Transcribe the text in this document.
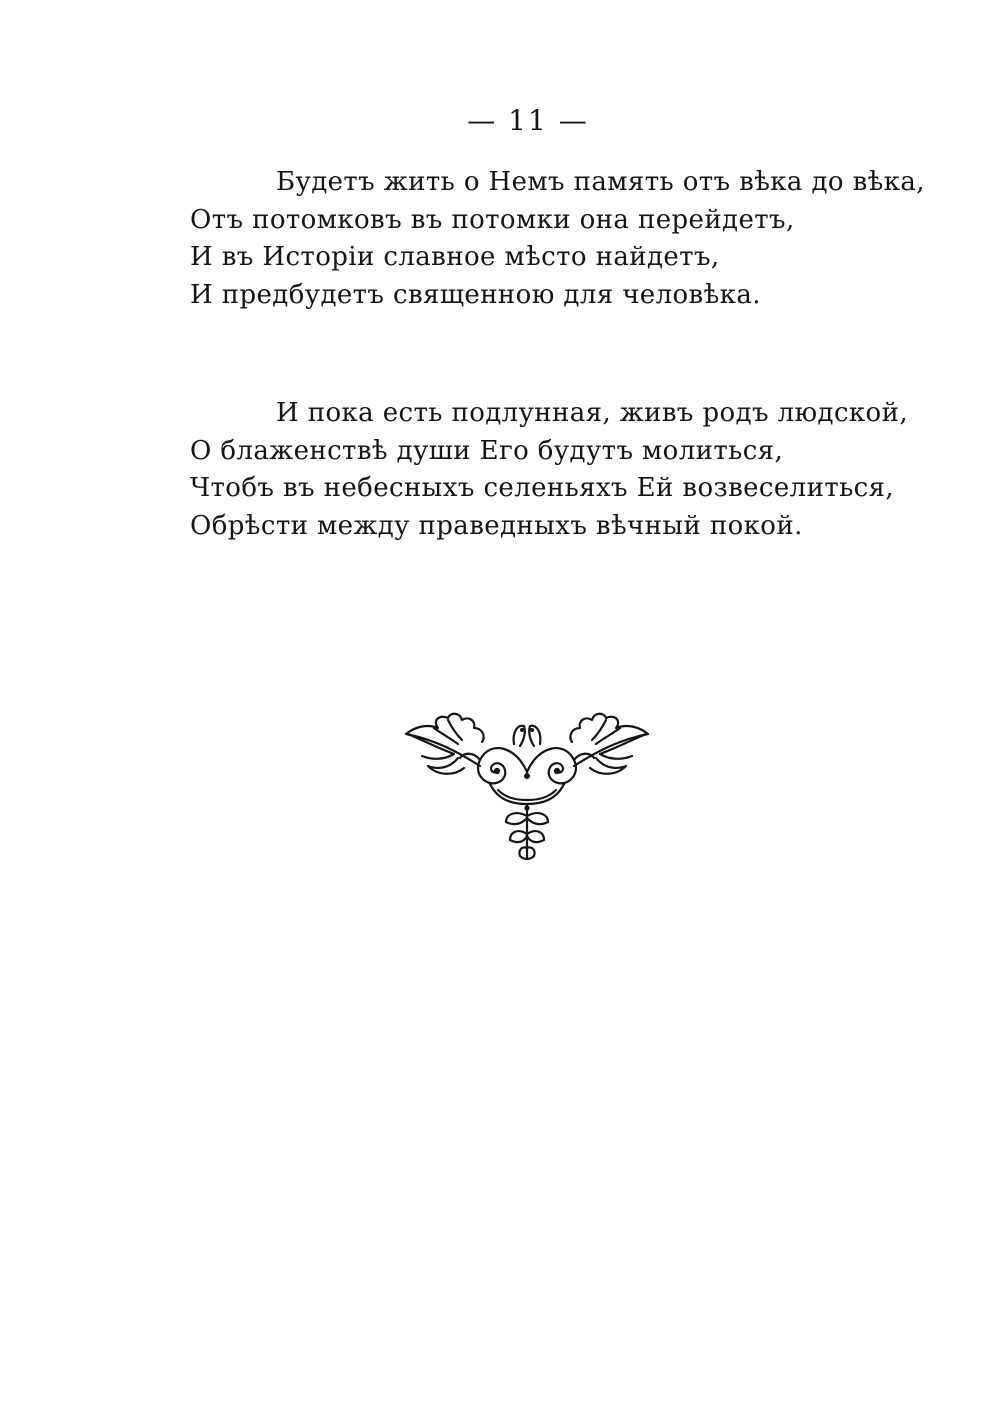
— 11 —
Будетъ жить о Немъ память отъ вѣка до вѣка,
Отъ потомковъ въ потомки она перейдетъ,
И въ Исторіи славное мѣсто найдетъ,
И предбудетъ священною для человѣка.
И пока есть подлунная, живъ родъ людской,
О блаженствѣ души Его будутъ молиться,
Чтобъ въ небесныхъ селеньяхъ Ей возвеселиться,
Обрѣсти между праведныхъ вѣчный покой.
